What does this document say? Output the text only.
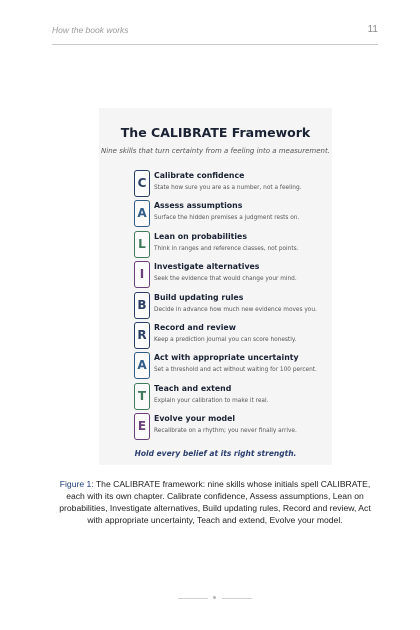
How the book works	11
The CALIBRATE Framework
Nine skills that turn certainty from a feeling into a measurement.
C
Calibrate confidence
State how sure you are as a number, not a feeling.
A
Assess assumptions
Surface the hidden premises a judgment rests on.
L
Lean on probabilities
Think in ranges and reference classes, not points.
I
Investigate alternatives
Seek the evidence that would change your mind.
B
Build updating rules
Decide in advance how much new evidence moves you.
R
Record and review
Keep a prediction journal you can score honestly.
A
Act with appropriate uncertainty
Set a threshold and act without waiting for 100 percent.
T
Teach and extend
Explain your calibration to make it real.
E
Evolve your model
Recalibrate on a rhythm; you never finally arrive.
Hold every belief at its right strength.
Figure 1: The CALIBRATE framework: nine skills whose initials spell CALIBRATE, each with its own chapter. Calibrate confidence, Assess assumptions, Lean on probabilities, Investigate alternatives, Build updating rules, Record and review, Act with appropriate uncertainty, Teach and extend, Evolve your model.
